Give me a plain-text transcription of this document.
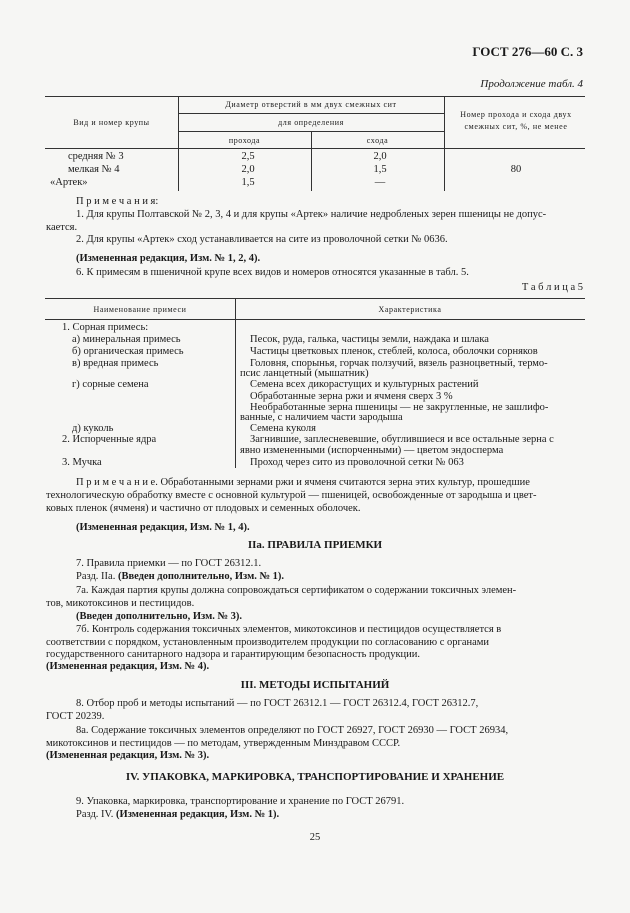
ГОСТ 276—60 С. 3
Продолжение табл. 4
Вид и номер крупы
Диаметр отверстий в мм двух смежных сит
для определения
прохода	схода
Номер прохода и схода двух смежных сит, %, не менее
средняя № 3
мелкая № 4
«Артек»
2,5
2,0
1,5
2,0
1,5
—
80
П р и м е ч а н и я:
1. Для крупы Полтавской № 2, 3, 4 и для крупы «Артек» наличие недробленых зерен пшеницы не допус-
кается.
2. Для крупы «Артек» сход устанавливается на сите из проволочной сетки № 0636.
(Измененная редакция, Изм. № 1, 2, 4).
6. К примесям в пшеничной крупе всех видов и номеров относятся указанные в табл. 5.
Т а б л и ц а 5
Наименование примеси	Характеристика
1. Сорная примесь:
а) минеральная примесь
б) органическая примесь
в) вредная примесь
г) сорные семена
д) куколь
2. Испорченные ядра
3. Мучка
Песок, руда, галька, частицы земли, наждака и шлака
Частицы цветковых пленок, стеблей, колоса, оболочки сорняков
Головня, спорынья, горчак ползучий, вязель разноцветный, термо-
псис ланцетный (мышатник)
Семена всех дикорастущих и культурных растений
Обработанные зерна ржи и ячменя сверх 3 %
Необработанные зерна пшеницы — не закругленные, не зашлифо-
ванные, с наличием части зародыша
Семена куколя
Загнившие, заплесневевшие, обуглившиеся и все остальные зерна с
явно измененными (испорченными) — цветом эндосперма
Проход через сито из проволочной сетки № 063
П р и м е ч а н и е. Обработанными зернами ржи и ячменя считаются зерна этих культур, прошедшие
технологическую обработку вместе с основной культурой — пшеницей, освобожденные от зародыша и цвет-
ковых пленок (ячменя) и частично от плодовых и семенных оболочек.
(Измененная редакция, Изм. № 1, 4).
IIа. ПРАВИЛА ПРИЕМКИ
7. Правила приемки — по ГОСТ 26312.1.
Разд. IIа. (Введен дополнительно, Изм. № 1).
7а. Каждая партия крупы должна сопровождаться сертификатом о содержании токсичных элемен-
тов, микотоксинов и пестицидов.
(Введен дополнительно, Изм. № 3).
7б. Контроль содержания токсичных элементов, микотоксинов и пестицидов осуществляется в
соответствии с порядком, установленным производителем продукции по согласованию с органами
государственного санитарного надзора и гарантирующим безопасность продукции.
(Измененная редакция, Изм. № 4).
III. МЕТОДЫ ИСПЫТАНИЙ
8. Отбор проб и методы испытаний — по ГОСТ 26312.1 — ГОСТ 26312.4, ГОСТ 26312.7,
ГОСТ 20239.
8а. Содержание токсичных элементов определяют по ГОСТ 26927, ГОСТ 26930 — ГОСТ 26934,
микотоксинов и пестицидов — по методам, утвержденным Минздравом СССР.
(Измененная редакция, Изм. № 3).
IV. УПАКОВКА, МАРКИРОВКА, ТРАНСПОРТИРОВАНИЕ И ХРАНЕНИЕ
9. Упаковка, маркировка, транспортирование и хранение по ГОСТ 26791.
Разд. IV. (Измененная редакция, Изм. № 1).
25
